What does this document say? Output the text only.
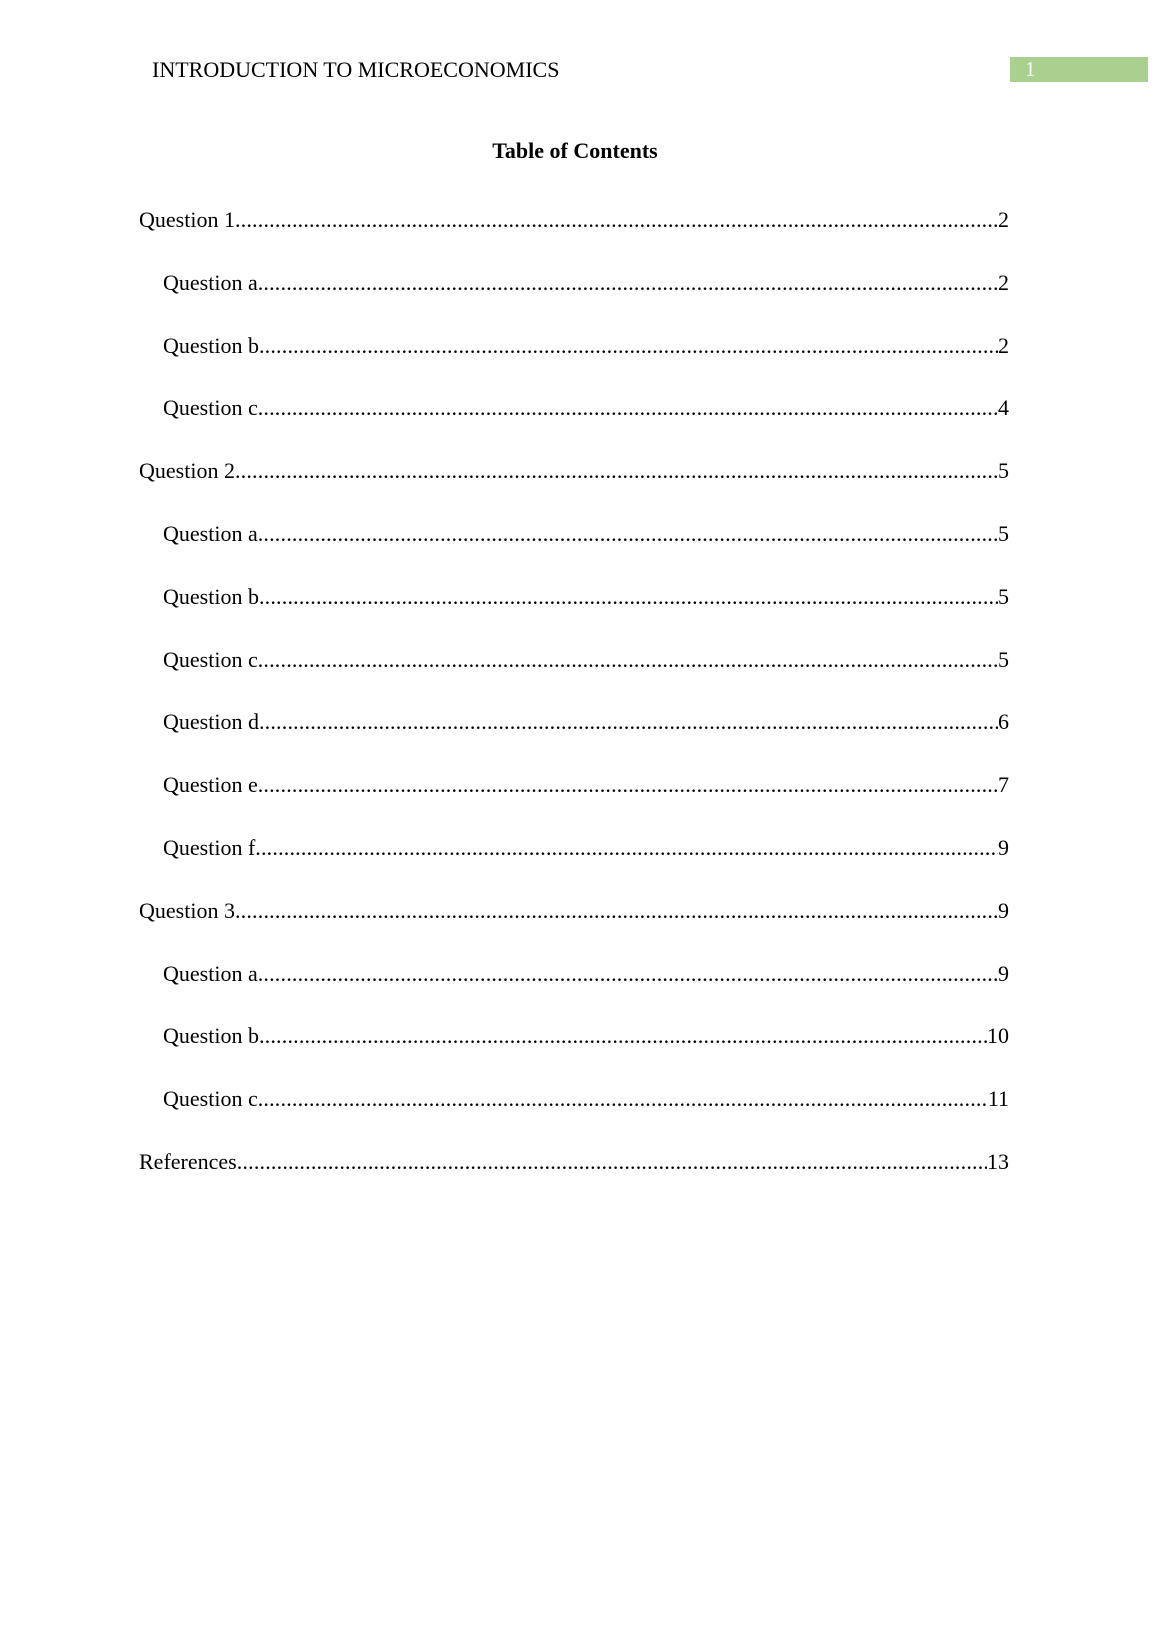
INTRODUCTION TO MICROECONOMICS	1
Table of Contents
Question 1 .....	2
Question a .....	2
Question b .....	2
Question c .....	4
Question 2 .....	5
Question a .....	5
Question b .....	5
Question c .....	5
Question d .....	6
Question e .....	7
Question f .....	9
Question 3 .....	9
Question a .....	9
Question b .....	10
Question c .....	11
References .....	13
